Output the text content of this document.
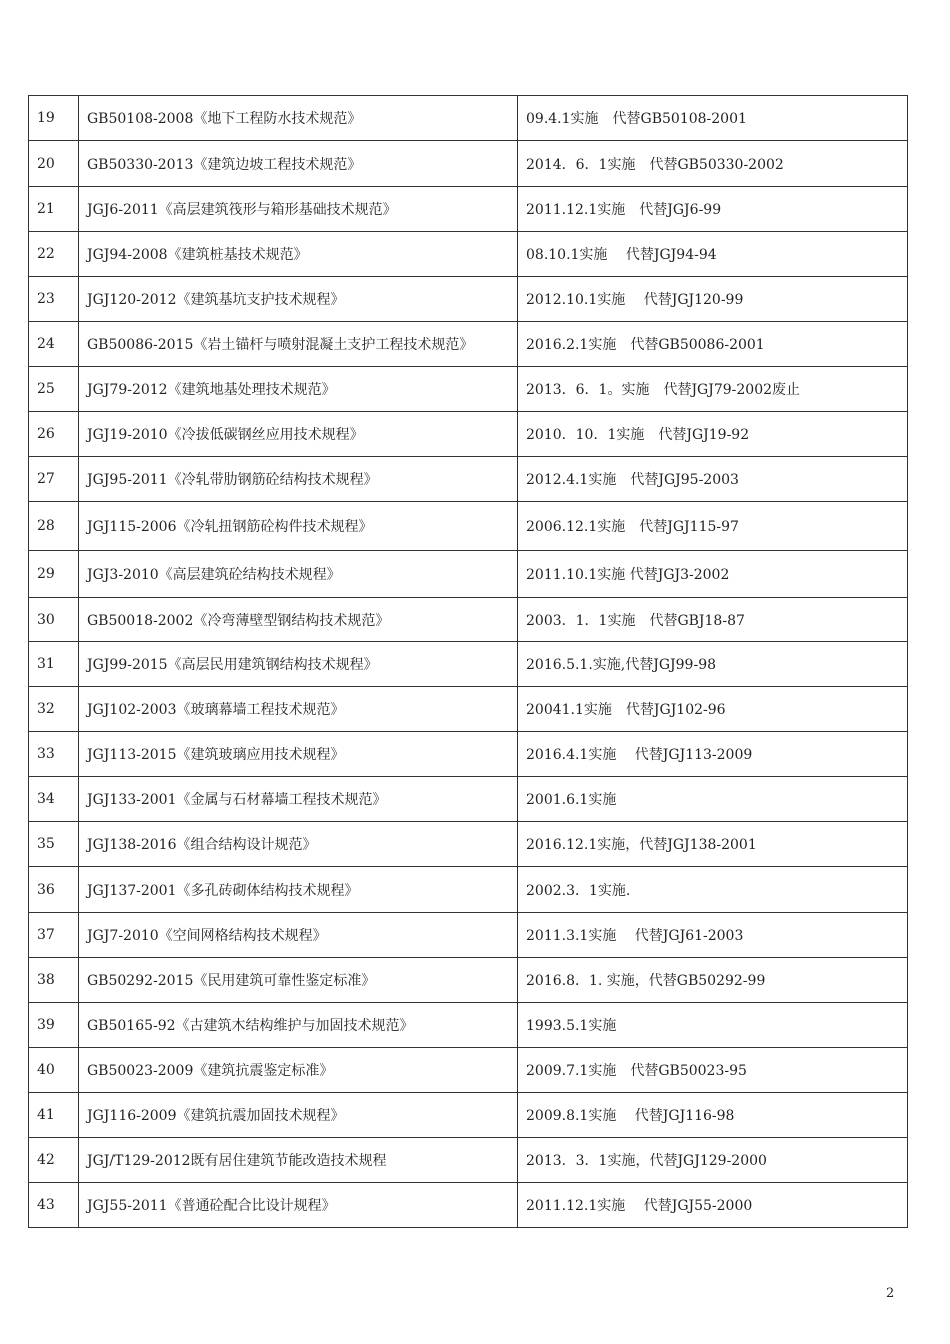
19	GB50108-2008《地下工程防水技术规范》	09.4.1实施　代替GB50108-2001
20	GB50330-2013《建筑边坡工程技术规范》	2014．6．1实施　代替GB50330-2002
21	JGJ6-2011《高层建筑筏形与箱形基础技术规范》	2011.12.1实施　代替JGJ6-99
22	JGJ94-2008《建筑桩基技术规范》	08.10.1实施　 代替JGJ94-94
23	JGJ120-2012《建筑基坑支护技术规程》	2012.10.1实施　 代替JGJ120-99
24	GB50086-2015《岩土锚杆与喷射混凝土支护工程技术规范》	2016.2.1实施　代替GB50086-2001
25	JGJ79-2012《建筑地基处理技术规范》	2013．6．1。实施　代替JGJ79-2002废止
26	JGJ19-2010《冷拔低碳钢丝应用技术规程》	2010．10．1实施　代替JGJ19-92
27	JGJ95-2011《冷轧带肋钢筋砼结构技术规程》	2012.4.1实施　代替JGJ95-2003
28	JGJ115-2006《冷轧扭钢筋砼构件技术规程》	2006.12.1实施　代替JGJ115-97
29	JGJ3-2010《高层建筑砼结构技术规程》	2011.10.1实施 代替JGJ3-2002
30	GB50018-2002《冷弯薄壁型钢结构技术规范》	2003．1．1实施　代替GBJ18-87
31	JGJ99-2015《高层民用建筑钢结构技术规程》	2016.5.1.实施,代替JGJ99-98
32	JGJ102-2003《玻璃幕墙工程技术规范》	20041.1实施　代替JGJ102-96
33	JGJ113-2015《建筑玻璃应用技术规程》	2016.4.1实施　 代替JGJ113-2009
34	JGJ133-2001《金属与石材幕墙工程技术规范》	2001.6.1实施
35	JGJ138-2016《组合结构设计规范》	2016.12.1实施，代替JGJ138-2001
36	JGJ137-2001《多孔砖砌体结构技术规程》	2002.3．1实施.
37	JGJ7-2010《空间网格结构技术规程》	2011.3.1实施　 代替JGJ61-2003
38	GB50292-2015《民用建筑可靠性鉴定标准》	2016.8．1. 实施，代替GB50292-99
39	GB50165-92《古建筑木结构维护与加固技术规范》	1993.5.1实施
40	GB50023-2009《建筑抗震鉴定标准》	2009.7.1实施　代替GB50023-95
41	JGJ116-2009《建筑抗震加固技术规程》	2009.8.1实施　 代替JGJ116-98
42	JGJ/T129-2012既有居住建筑节能改造技术规程	2013．3．1实施，代替JGJ129-2000
43	JGJ55-2011《普通砼配合比设计规程》	2011.12.1实施　 代替JGJ55-2000
2
